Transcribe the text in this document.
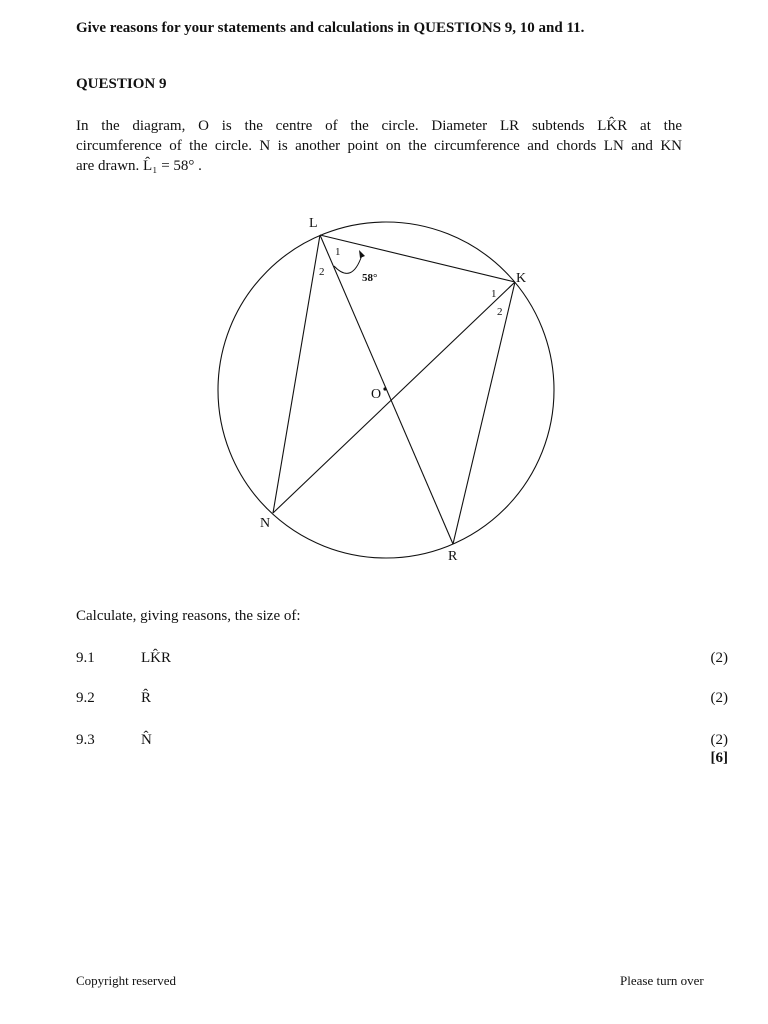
Give reasons for your statements and calculations in QUESTIONS 9, 10 and 11.
QUESTION 9
In the diagram, O is the centre of the circle. Diameter LR subtends LK̂R at the
circumference of the circle. N is another point on the circumference and chords LN and KN
are drawn. L̂₁ = 58° .
L
K
N
R
O
1
2
1
2
58°
Calculate, giving reasons, the size of:
9.1	LK̂R	(2)
9.2	R̂	(2)
9.3	N̂	(2)
[6]
Copyright reserved	Please turn over
